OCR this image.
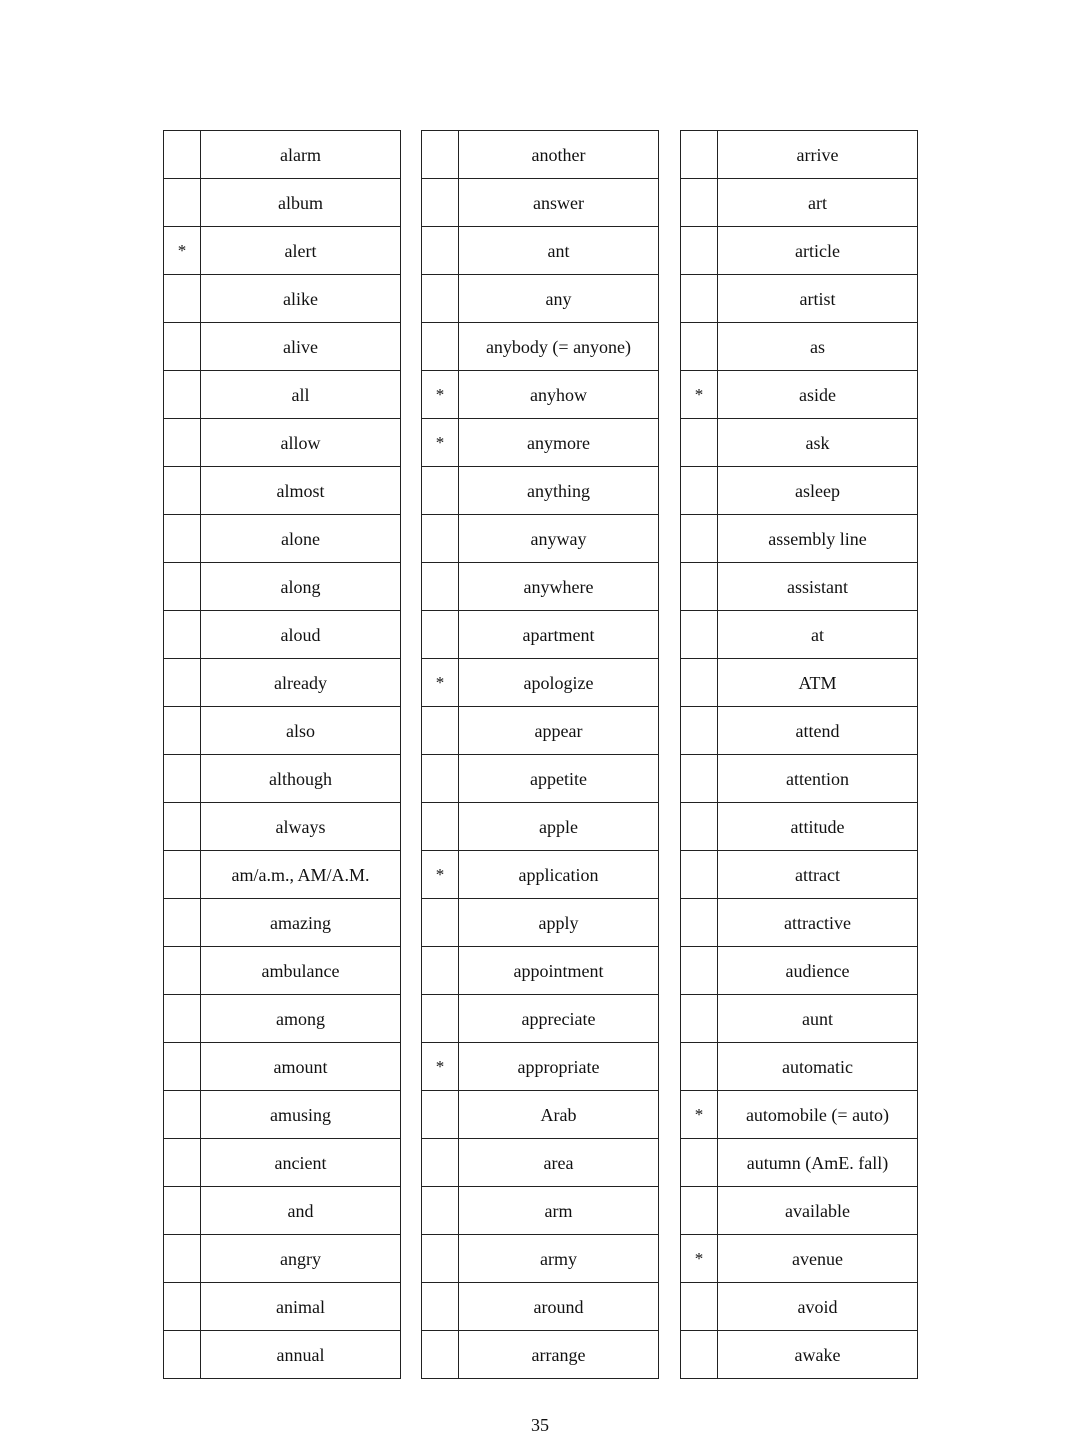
	alarm
	album
*	alert
	alike
	alive
	all
	allow
	almost
	alone
	along
	aloud
	already
	also
	although
	always
	am/a.m., AM/A.M.
	amazing
	ambulance
	among
	amount
	amusing
	ancient
	and
	angry
	animal
	annual
	another
	answer
	ant
	any
	anybody (= anyone)
*	anyhow
*	anymore
	anything
	anyway
	anywhere
	apartment
*	apologize
	appear
	appetite
	apple
*	application
	apply
	appointment
	appreciate
*	appropriate
	Arab
	area
	arm
	army
	around
	arrange
	arrive
	art
	article
	artist
	as
*	aside
	ask
	asleep
	assembly line
	assistant
	at
	ATM
	attend
	attention
	attitude
	attract
	attractive
	audience
	aunt
	automatic
*	automobile (= auto)
	autumn (AmE. fall)
	available
*	avenue
	avoid
	awake
35
